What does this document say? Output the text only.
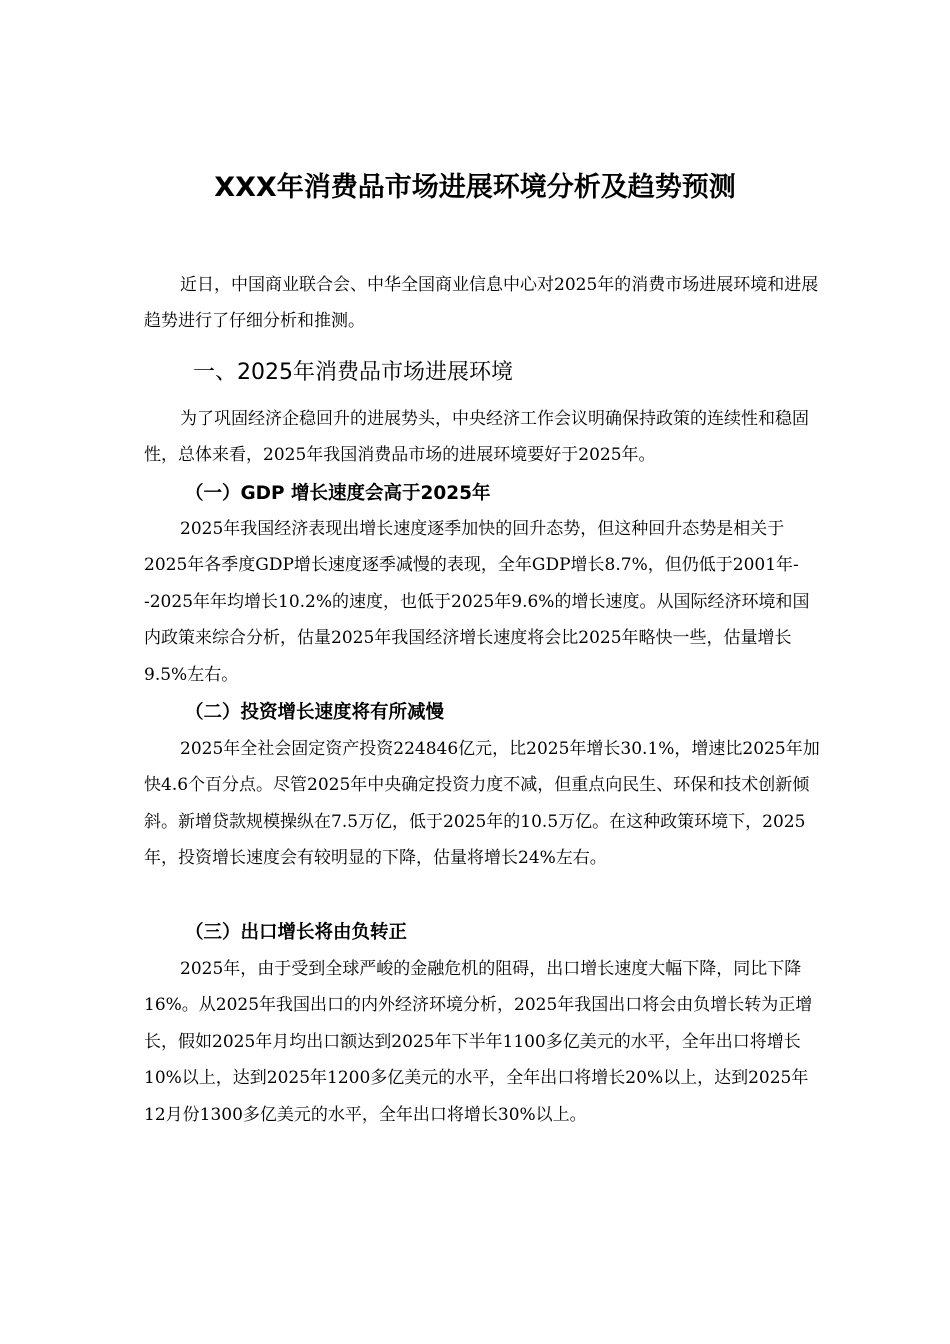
XXX年消费品市场进展环境分析及趋势预测

近日，中国商业联合会、中华全国商业信息中心对2025年的消费市场进展环境和进展趋势进行了仔细分析和推测。

一、2025年消费品市场进展环境

为了巩固经济企稳回升的进展势头，中央经济工作会议明确保持政策的连续性和稳固性，总体来看，2025年我国消费品市场的进展环境要好于2025年。

（一）GDP 增长速度会高于2025年

2025年我国经济表现出增长速度逐季加快的回升态势，但这种回升态势是相关于2025年各季度GDP增长速度逐季减慢的表现，全年GDP增长8.7%，但仍低于2001年--2025年年均增长10.2%的速度，也低于2025年9.6%的增长速度。从国际经济环境和国内政策来综合分析，估量2025年我国经济增长速度将会比2025年略快一些，估量增长9.5%左右。

（二）投资增长速度将有所减慢

2025年全社会固定资产投资224846亿元，比2025年增长30.1%，增速比2025年加快4.6个百分点。尽管2025年中央确定投资力度不减，但重点向民生、环保和技术创新倾斜。新增贷款规模操纵在7.5万亿，低于2025年的10.5万亿。在这种政策环境下，2025年，投资增长速度会有较明显的下降，估量将增长24%左右。

（三）出口增长将由负转正

2025年，由于受到全球严峻的金融危机的阻碍，出口增长速度大幅下降，同比下降16%。从2025年我国出口的内外经济环境分析，2025年我国出口将会由负增长转为正增长，假如2025年月均出口额达到2025年下半年1100多亿美元的水平，全年出口将增长10%以上，达到2025年1200多亿美元的水平，全年出口将增长20%以上，达到2025年12月份1300多亿美元的水平，全年出口将增长30%以上。
